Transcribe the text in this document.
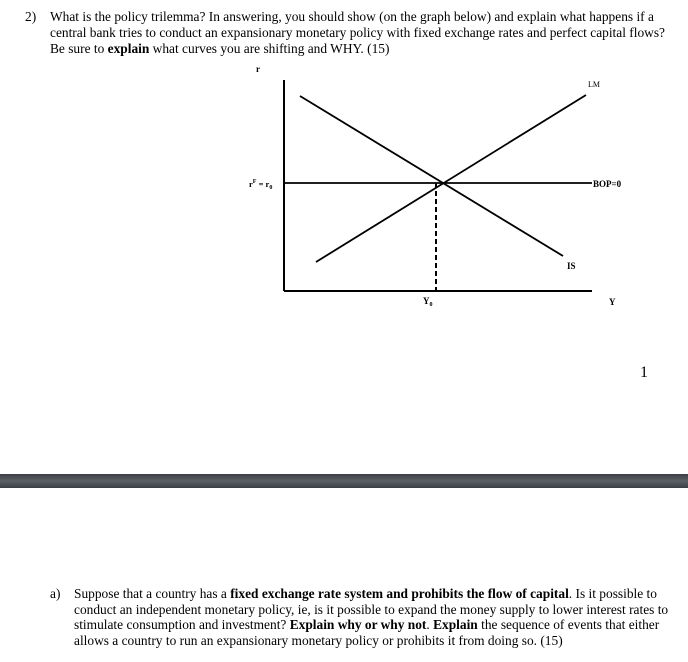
2) What is the policy trilemma? In answering, you should show (on the graph below) and explain what happens if a central bank tries to conduct an expansionary monetary policy with fixed exchange rates and perfect capital flows? Be sure to explain what curves you are shifting and WHY. (15)
r
LM
BOP=0
IS
Y
$r^F = r_0$
$Y_0$
1
a) Suppose that a country has a fixed exchange rate system and prohibits the flow of capital. Is it possible to conduct an independent monetary policy, ie, is it possible to expand the money supply to lower interest rates to stimulate consumption and investment? Explain why or why not. Explain the sequence of events that either allows a country to run an expansionary monetary policy or prohibits it from doing so. (15)
